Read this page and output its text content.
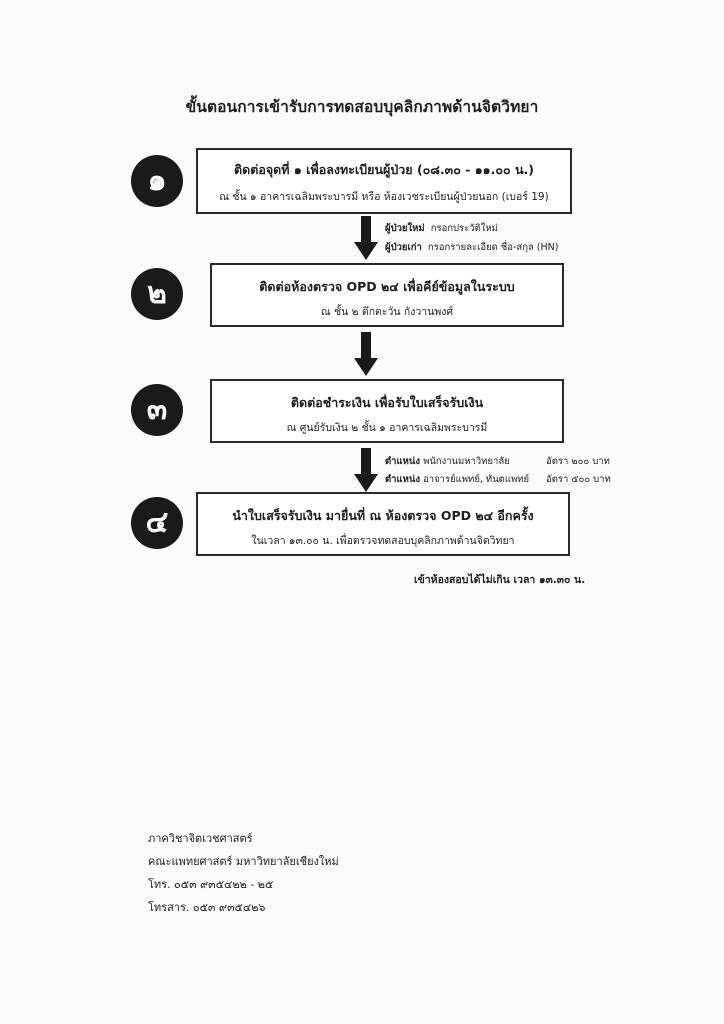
ขั้นตอนการเข้ารับการทดสอบบุคลิกภาพด้านจิตวิทยา
๑	ติดต่อจุดที่ ๑ เพื่อลงทะเบียนผู้ป่วย (๐๘.๓๐ - ๑๑.๐๐ น.)
ณ ชั้น ๑ อาคารเฉลิมพระบารมี หรือ ห้องเวชระเบียนผู้ป่วยนอก (เบอร์ 19)
ผู้ป่วยใหม่ กรอกประวัติใหม่
ผู้ป่วยเก่า กรอกรายละเอียด ชื่อ-สกุล (HN)
๒	ติดต่อห้องตรวจ OPD ๒๔ เพื่อคีย์ข้อมูลในระบบ
ณ ชั้น ๒ ตึกตะวัน กังวานพงศ์
๓	ติดต่อชำระเงิน เพื่อรับใบเสร็จรับเงิน
ณ ศูนย์รับเงิน ๒ ชั้น ๑ อาคารเฉลิมพระบารมี
ตำแหน่ง พนักงานมหาวิทยาลัย	อัตรา ๒๐๐ บาท
ตำแหน่ง อาจารย์แพทย์, ทันตแพทย์ อัตรา ๕๐๐ บาท
๔	นำใบเสร็จรับเงิน มายื่นที่ ณ ห้องตรวจ OPD ๒๔ อีกครั้ง
ในเวลา ๑๓.๐๐ น. เพื่อตรวจทดสอบบุคลิกภาพด้านจิตวิทยา
เข้าห้องสอบได้ไม่เกิน เวลา ๑๓.๓๐ น.
ภาควิชาจิตเวชศาสตร์
คณะแพทยศาสตร์ มหาวิทยาลัยเชียงใหม่
โทร. ๐๕๓ ๙๓๕๔๒๒ - ๒๕
โทรสาร. ๐๕๓ ๙๓๕๔๒๖
